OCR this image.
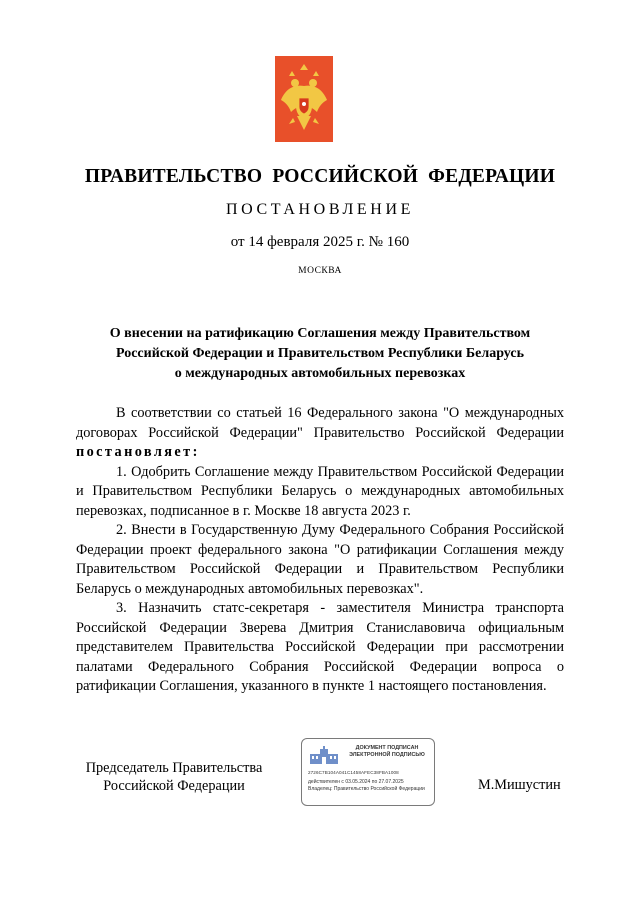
ПРАВИТЕЛЬСТВО РОССИЙСКОЙ ФЕДЕРАЦИИ
ПОСТАНОВЛЕНИЕ
от 14 февраля 2025 г. № 160
МОСКВА
О внесении на ратификацию Соглашения между Правительством
Российской Федерации и Правительством Республики Беларусь
о международных автомобильных перевозках

В соответствии со статьей 16 Федерального закона "О международных договорах Российской Федерации" Правительство Российской Федерации постановляет:

1. Одобрить Соглашение между Правительством Российской Федерации и Правительством Республики Беларусь о международных автомобильных перевозках, подписанное в г. Москве 18 августа 2023 г.

2. Внести в Государственную Думу Федерального Собрания Российской Федерации проект федерального закона "О ратификации Соглашения между Правительством Российской Федерации и Правительством Республики Беларусь о международных автомобильных перевозках".

3. Назначить статс-секретаря - заместителя Министра транспорта Российской Федерации Зверева Дмитрия Станиславовича официальным представителем Правительства Российской Федерации при рассмотрении палатами Федерального Собрания Российской Федерации вопроса о ратификации Соглашения, указанного в пункте 1 настоящего постановления.

Председатель Правительства
Российской Федерации
ДОКУМЕНТ ПОДПИСАН
ЭЛЕКТРОННОЙ ПОДПИСЬЮ
2726C7B104A041C1458AFEC38FBA1008
действителен с 03.05.2024 по 27.07.2025
Владелец: Правительство Российской Федерации	М.Мишустин
